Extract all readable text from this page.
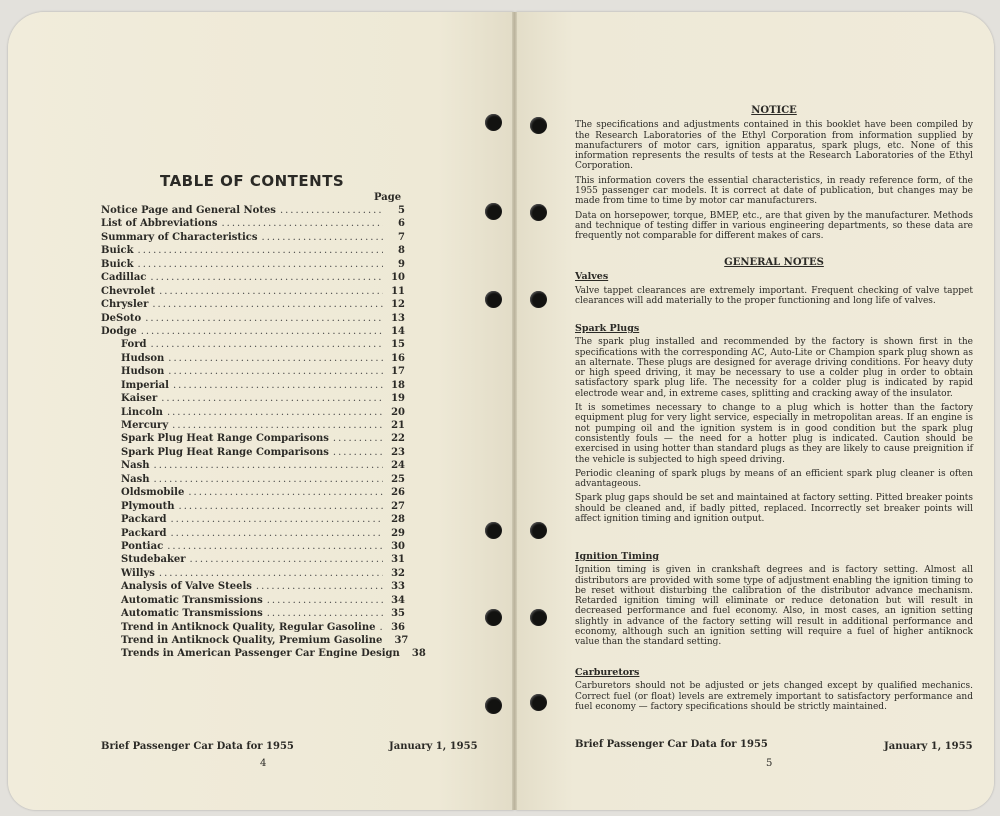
TABLE OF CONTENTS
Page
Notice Page and General Notes .....	5
List of Abbreviations .....	6
Summary of Characteristics .....	7
Buick .....	8
Buick .....	9
Cadillac .....	10
Chevrolet .....	11
Chrysler .....	12
DeSoto .....	13
Dodge .....	14
Ford .....	15
Hudson .....	16
Hudson .....	17
Imperial .....	18
Kaiser .....	19
Lincoln .....	20
Mercury .....	21
Spark Plug Heat Range Comparisons .....	22
Spark Plug Heat Range Comparisons .....	23
Nash .....	24
Nash .....	25
Oldsmobile .....	26
Plymouth .....	27
Packard .....	28
Packard .....	29
Pontiac .....	30
Studebaker .....	31
Willys .....	32
Analysis of Valve Steels .....	33
Automatic Transmissions .....	34
Automatic Transmissions .....	35
Trend in Antiknock Quality, Regular Gasoline .....	36
Trend in Antiknock Quality, Premium Gasoline	37
Trends in American Passenger Car Engine Design	38
Brief Passenger Car Data for 1955	January 1, 1955
4
NOTICE

The specifications and adjustments contained in this booklet have been compiled by the Research Laboratories of the Ethyl Corporation from information supplied by manufacturers of motor cars, ignition apparatus, spark plugs, etc. None of this information represents the results of tests at the Research Laboratories of the Ethyl Corporation.

This information covers the essential characteristics, in ready reference form, of the 1955 passenger car models. It is correct at date of publication, but changes may be made from time to time by motor car manufacturers.

Data on horsepower, torque, BMEP, etc., are that given by the manufacturer. Methods and technique of testing differ in various engineering departments, so these data are frequently not comparable for different makes of cars.

GENERAL NOTES
Valves

Valve tappet clearances are extremely important. Frequent checking of valve tappet clearances will add materially to the proper functioning and long life of valves.

Spark Plugs

The spark plug installed and recommended by the factory is shown first in the specifications with the corresponding AC, Auto-Lite or Champion spark plug shown as an alternate. These plugs are designed for average driving conditions. For heavy duty or high speed driving, it may be necessary to use a colder plug in order to obtain satisfactory spark plug life. The necessity for a colder plug is indicated by rapid electrode wear and, in extreme cases, splitting and cracking away of the insulator.

It is sometimes necessary to change to a plug which is hotter than the factory equipment plug for very light service, especially in metropolitan areas. If an engine is not pumping oil and the ignition system is in good condition but the spark plug consistently fouls — the need for a hotter plug is indicated. Caution should be exercised in using hotter than standard plugs as they are likely to cause preignition if the vehicle is subjected to high speed driving.

Periodic cleaning of spark plugs by means of an efficient spark plug cleaner is often advantageous.

Spark plug gaps should be set and maintained at factory setting. Pitted breaker points should be cleaned and, if badly pitted, replaced. Incorrectly set breaker points will affect ignition timing and ignition output.

Ignition Timing

Ignition timing is given in crankshaft degrees and is factory setting. Almost all distributors are provided with some type of adjustment enabling the ignition timing to be reset without disturbing the calibration of the distributor advance mechanism. Retarded ignition timing will eliminate or reduce detonation but will result in decreased performance and fuel economy. Also, in most cases, an ignition setting slightly in advance of the factory setting will result in additional performance and economy, although such an ignition setting will require a fuel of higher antiknock value than the standard setting.

Carburetors

Carburetors should not be adjusted or jets changed except by qualified mechanics. Correct fuel (or float) levels are extremely important to satisfactory performance and fuel economy — factory specifications should be strictly maintained.

Brief Passenger Car Data for 1955	January 1, 1955
5
